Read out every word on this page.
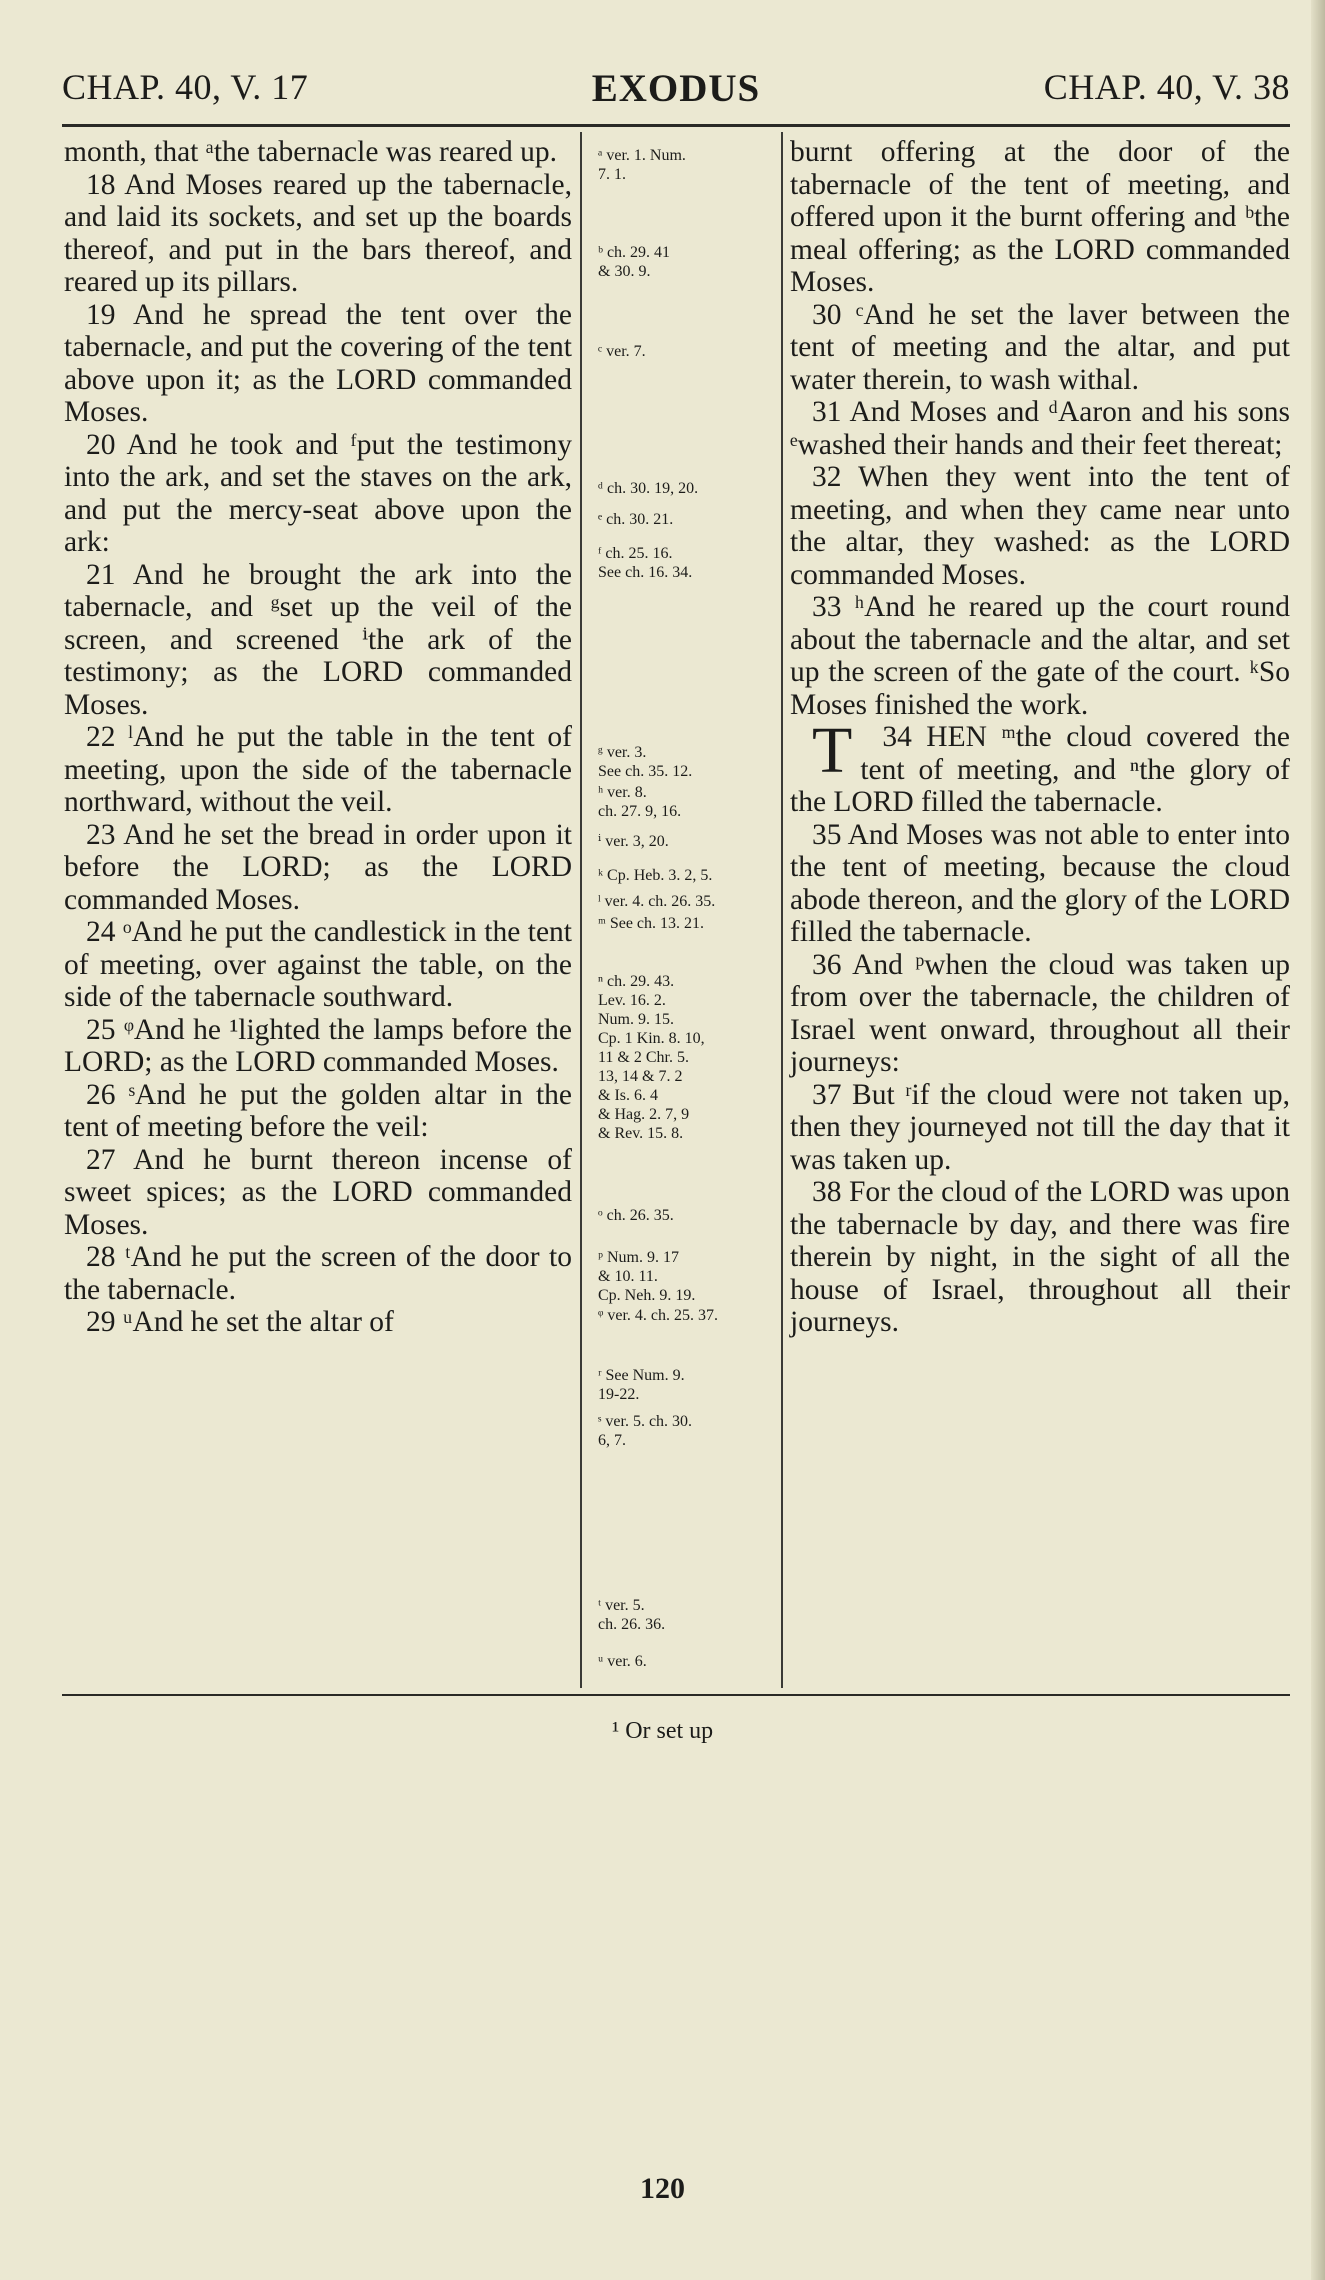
CHAP. 40, V. 17	EXODUS	CHAP. 40, V. 38

month, that ᵃthe tabernacle was reared up.

18 And Moses reared up the tabernacle, and laid its sockets, and set up the boards thereof, and put in the bars thereof, and reared up its pillars.

19 And he spread the tent over the tabernacle, and put the covering of the tent above upon it; as the LORD commanded Moses.

20 And he took and ᶠput the testimony into the ark, and set the staves on the ark, and put the mercy-seat above upon the ark:

21 And he brought the ark into the tabernacle, and ᵍset up the veil of the screen, and screened ⁱthe ark of the testimony; as the LORD commanded Moses.

22 ˡAnd he put the table in the tent of meeting, upon the side of the tabernacle northward, without the veil.

23 And he set the bread in order upon it before the LORD; as the LORD commanded Moses.

24 ᵒAnd he put the candlestick in the tent of meeting, over against the table, on the side of the tabernacle southward.

25 ᵠAnd he ¹lighted the lamps before the LORD; as the LORD commanded Moses.

26 ˢAnd he put the golden altar in the tent of meeting before the veil:

27 And he burnt thereon incense of sweet spices; as the LORD commanded Moses.

28 ᵗAnd he put the screen of the door to the tabernacle.

29 ᵘAnd he set the altar of

ᵃ ver. 1. Num.
7. 1.
ᵇ ch. 29. 41
& 30. 9.
ᶜ ver. 7.
ᵈ ch. 30. 19, 20.
ᵉ ch. 30. 21.
ᶠ ch. 25. 16.
See ch. 16. 34.
ᵍ ver. 3.
See ch. 35. 12.
ʰ ver. 8.
ch. 27. 9, 16.
ⁱ ver. 3, 20.
ᵏ Cp. Heb. 3. 2, 5.
ˡ ver. 4. ch. 26. 35.
ᵐ See ch. 13. 21.
ⁿ ch. 29. 43.
Lev. 16. 2.
Num. 9. 15.
Cp. 1 Kin. 8. 10,
11 & 2 Chr. 5.
13, 14 & 7. 2
& Is. 6. 4
& Hag. 2. 7, 9
& Rev. 15. 8.
ᵒ ch. 26. 35.
ᵖ Num. 9. 17
& 10. 11.
Cp. Neh. 9. 19.
ᵠ ver. 4. ch. 25. 37.
ʳ See Num. 9.
19-22.
ˢ ver. 5. ch. 30.
6, 7.
ᵗ ver. 5.
ch. 26. 36.
ᵘ ver. 6.

burnt offering at the door of the tabernacle of the tent of meeting, and offered upon it the burnt offering and ᵇthe meal offering; as the LORD commanded Moses.

30 ᶜAnd he set the laver between the tent of meeting and the altar, and put water therein, to wash withal.

31 And Moses and ᵈAaron and his sons ᵉwashed their hands and their feet thereat;

32 When they went into the tent of meeting, and when they came near unto the altar, they washed: as the LORD commanded Moses.

33 ʰAnd he reared up the court round about the tabernacle and the altar, and set up the screen of the gate of the court. ᵏSo Moses finished the work.

34
T	HEN ᵐthe cloud covered the tent of meeting, and ⁿthe glory of the LORD filled the tabernacle.

35 And Moses was not able to enter into the tent of meeting, because the cloud abode thereon, and the glory of the LORD filled the tabernacle.

36 And ᵖwhen the cloud was taken up from over the tabernacle, the children of Israel went onward, throughout all their journeys:

37 But ʳif the cloud were not taken up, then they journeyed not till the day that it was taken up.

38 For the cloud of the LORD was upon the tabernacle by day, and there was fire therein by night, in the sight of all the house of Israel, throughout all their journeys.

¹ Or set up
120
